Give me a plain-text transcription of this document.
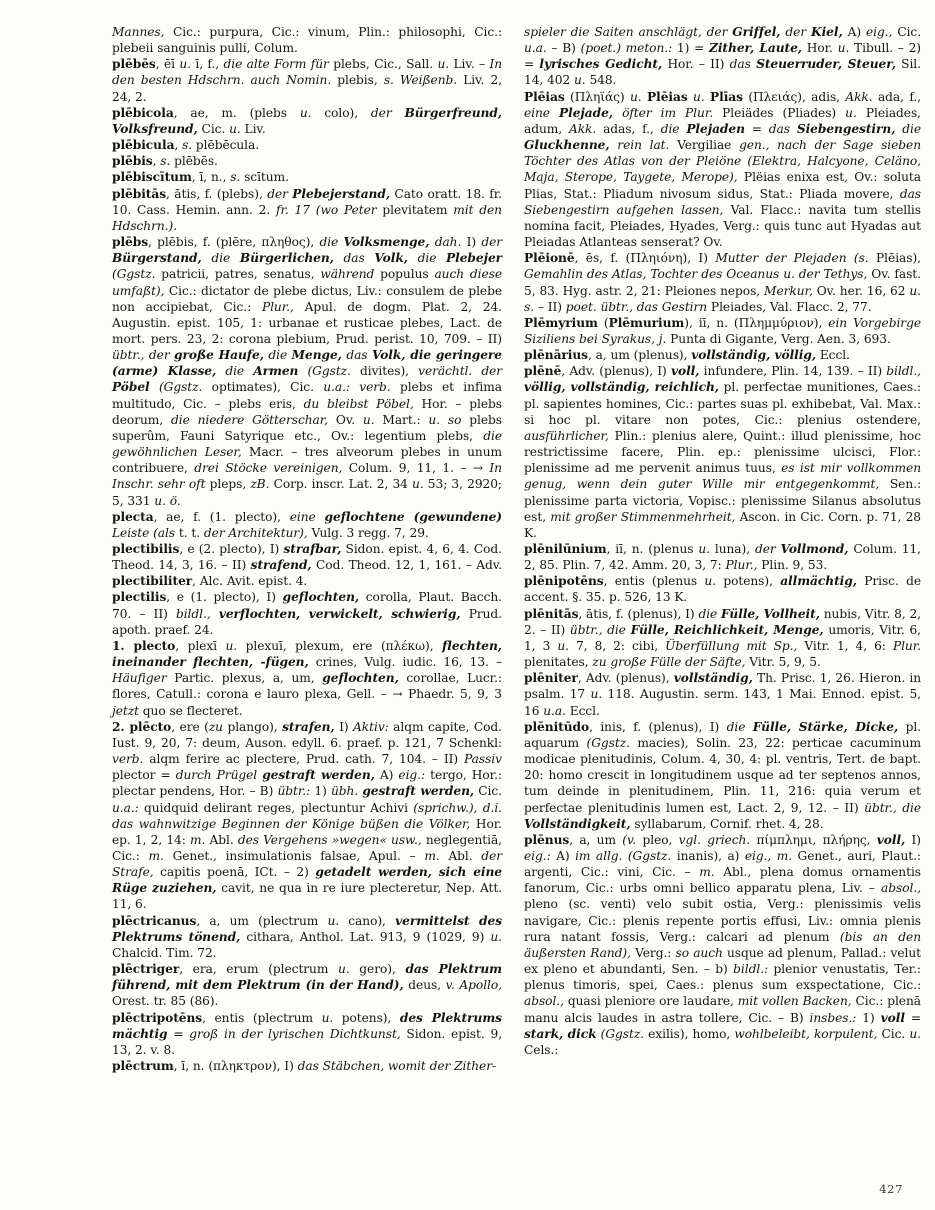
Mannes, Cic.: purpura, Cic.: vinum, Plin.: philosophi, Cic.: plebeii sanguinis pulli, Colum.

plēbēs, ēī u. ī, f., die alte Form für plebs, Cic., Sall. u. Liv. – In den besten Hdschrn. auch Nomin. plebis, s. Weißenb. Liv. 2, 24, 2.

plēbicola, ae, m. (plebs u. colo), der Bürgerfreund, Volksfreund, Cic. u. Liv.

plēbicula, s. plēbēcula.

plēbis, s. plēbēs.

plēbiscītum, ī, n., s. scītum.

plēbitās, ātis, f. (plebs), der Plebejerstand, Cato oratt. 18. fr. 10. Cass. Hemin. ann. 2. fr. 17 (wo Peter plevitatem mit den Hdschrn.).

plēbs, plēbis, f. (plēre, πληθος), die Volksmenge, dah. I) der Bürgerstand, die Bürgerlichen, das Volk, die Plebejer (Ggstz. patricii, patres, senatus, während populus auch diese umfaßt), Cic.: dictator de plebe dictus, Liv.: consulem de plebe non accipiebat, Cic.: Plur., Apul. de dogm. Plat. 2, 24. Augustin. epist. 105, 1: urbanae et rusticae plebes, Lact. de mort. pers. 23, 2: corona plebium, Prud. perist. 10, 709. – II) übtr., der große Haufe, die Menge, das Volk, die geringere (arme) Klasse, die Armen (Ggstz. divites), verächtl. der Pöbel (Ggstz. optimates), Cic. u.a.: verb. plebs et infima multitudo, Cic. – plebs eris, du bleibst Pöbel, Hor. – plebs deorum, die niedere Götterschar, Ov. u. Mart.: u. so plebs superûm, Fauni Satyrique etc., Ov.: legentium plebs, die gewöhnlichen Leser, Macr. – tres alveorum plebes in unum contribuere, drei Stöcke vereinigen, Colum. 9, 11, 1. – → In Inschr. sehr oft pleps, zB. Corp. inscr. Lat. 2, 34 u. 53; 3, 2920; 5, 331 u. ö.

plecta, ae, f. (1. plecto), eine geflochtene (gewundene) Leiste (als t. t. der Architektur), Vulg. 3 regg. 7, 29.

plectibilis, e (2. plecto), I) strafbar, Sidon. epist. 4, 6, 4. Cod. Theod. 14, 3, 16. – II) strafend, Cod. Theod. 12, 1, 161. – Adv. plectibiliter, Alc. Avit. epist. 4.

plectilis, e (1. plecto), I) geflochten, corolla, Plaut. Bacch. 70. – II) bildl., verflochten, verwickelt, schwierig, Prud. apoth. praef. 24.

1. plecto, plexī u. plexuī, plexum, ere (πλέκω), flechten, ineinander flechten, -fügen, crines, Vulg. iudic. 16, 13. – Häufiger Partic. plexus, a, um, geflochten, corollae, Lucr.: flores, Catull.: corona e lauro plexa, Gell. – → Phaedr. 5, 9, 3 jetzt quo se flecteret.

2. plēcto, ere (zu plango), strafen, I) Aktiv: alqm capite, Cod. Iust. 9, 20, 7: deum, Auson. edyll. 6. praef. p. 121, 7 Schenkl: verb. alqm ferire ac plectere, Prud. cath. 7, 104. – II) Passiv plector = durch Prügel gestraft werden, A) eig.: tergo, Hor.: plectar pendens, Hor. – B) übtr.: 1) übh. gestraft werden, Cic. u.a.: quidquid delirant reges, plectuntur Achivi (sprichw.), d.i. das wahnwitzige Beginnen der Könige büßen die Völker, Hor. ep. 1, 2, 14: m. Abl. des Vergehens »wegen« usw., neglegentiā, Cic.: m. Genet., insimulationis falsae, Apul. – m. Abl. der Strafe, capitis poenā, ICt. – 2) getadelt werden, sich eine Rüge zuziehen, cavit, ne qua in re iure plecteretur, Nep. Att. 11, 6.

plēctricanus, a, um (plectrum u. cano), vermittelst des Plektrums tönend, cithara, Anthol. Lat. 913, 9 (1029, 9) u. Chalcid. Tim. 72.

plēctriger, era, erum (plectrum u. gero), das Plektrum führend, mit dem Plektrum (in der Hand), deus, v. Apollo, Orest. tr. 85 (86).

plēctripotēns, entis (plectrum u. potens), des Plektrums mächtig = groß in der lyrischen Dichtkunst, Sidon. epist. 9, 13, 2. v. 8.

plēctrum, ī, n. (πληκτρον), I) das Stäbchen, womit der Zither-

spieler die Saiten anschlägt, der Griffel, der Kiel, A) eig., Cic. u.a. – B) (poet.) meton.: 1) = Zither, Laute, Hor. u. Tibull. – 2) = lyrisches Gedicht, Hor. – II) das Steuerruder, Steuer, Sil. 14, 402 u. 548.

Plēias (Πληϊάς) u. Plēias u. Plīas (Πλειάς), adis, Akk. ada, f., eine Plejade, öfter im Plur. Pleiädes (Pliades) u. Pleiades, adum, Akk. adas, f., die Plejaden = das Siebengestirn, die Gluckhenne, rein lat. Vergiliae gen., nach der Sage sieben Töchter des Atlas von der Pleiöne (Elektra, Halcyone, Celäno, Maja, Sterope, Taygete, Merope), Plëias enixa est, Ov.: soluta Plias, Stat.: Pliadum nivosum sidus, Stat.: Pliada movere, das Siebengestirn aufgehen lassen, Val. Flacc.: navita tum stellis nomina facit, Pleiades, Hyades, Verg.: quis tunc aut Hyadas aut Pleiadas Atlanteas senserat? Ov.

Plēionē, ēs, f. (Πληιόνη), I) Mutter der Plejaden (s. Plēias), Gemahlin des Atlas, Tochter des Oceanus u. der Tethys, Ov. fast. 5, 83. Hyg. astr. 2, 21: Pleiones nepos, Merkur, Ov. her. 16, 62 u. s. – II) poet. übtr., das Gestirn Pleiades, Val. Flacc. 2, 77.

Plēmyrium (Plēmurium), iī, n. (Πλημμύριον), ein Vorgebirge Siziliens bei Syrakus, j. Punta di Gigante, Verg. Aen. 3, 693.

plēnārius, a, um (plenus), vollständig, völlig, Eccl.

plēnē, Adv. (plenus), I) voll, infundere, Plin. 14, 139. – II) bildl., völlig, vollständig, reichlich, pl. perfectae munitiones, Caes.: pl. sapientes homines, Cic.: partes suas pl. exhibebat, Val. Max.: si hoc pl. vitare non potes, Cic.: plenius ostendere, ausführlicher, Plin.: plenius alere, Quint.: illud plenissime, hoc restrictissime facere, Plin. ep.: plenissime ulcisci, Flor.: plenissime ad me pervenit animus tuus, es ist mir vollkommen genug, wenn dein guter Wille mir entgegenkommt, Sen.: plenissime parta victoria, Vopisc.: plenissime Silanus absolutus est, mit großer Stimmenmehrheit, Ascon. in Cic. Corn. p. 71, 28 K.

plēnilūnium, iī, n. (plenus u. luna), der Vollmond, Colum. 11, 2, 85. Plin. 7, 42. Amm. 20, 3, 7: Plur., Plin. 9, 53.

plēnipotēns, entis (plenus u. potens), allmächtig, Prisc. de accent. §. 35. p. 526, 13 K.

plēnitās, ātis, f. (plenus), I) die Fülle, Vollheit, nubis, Vitr. 8, 2, 2. – II) übtr., die Fülle, Reichlichkeit, Menge, umoris, Vitr. 6, 1, 3 u. 7, 8, 2: cibi, Überfüllung mit Sp., Vitr. 1, 4, 6: Plur. plenitates, zu große Fülle der Säfte, Vitr. 5, 9, 5.

plēniter, Adv. (plenus), vollständig, Th. Prisc. 1, 26. Hieron. in psalm. 17 u. 118. Augustin. serm. 143, 1 Mai. Ennod. epist. 5, 16 u.a. Eccl.

plēnitūdo, inis, f. (plenus), I) die Fülle, Stärke, Dicke, pl. aquarum (Ggstz. macies), Solin. 23, 22: perticae cacuminum modicae plenitudinis, Colum. 4, 30, 4: pl. ventris, Tert. de bapt. 20: homo crescit in longitudinem usque ad ter septenos annos, tum deinde in plenitudinem, Plin. 11, 216: quia verum et perfectae plenitudinis lumen est, Lact. 2, 9, 12. – II) übtr., die Vollständigkeit, syllabarum, Cornif. rhet. 4, 28.

plēnus, a, um (v. pleo, vgl. griech. πίμπλημι, πλήρης, voll, I) eig.: A) im allg. (Ggstz. inanis), a) eig., m. Genet., auri, Plaut.: argenti, Cic.: vini, Cic. – m. Abl., plena domus ornamentis fanorum, Cic.: urbs omni bellico apparatu plena, Liv. – absol., pleno (sc. venti) velo subit ostia, Verg.: plenissimis velis navigare, Cic.: plenis repente portis effusi, Liv.: omnia plenis rura natant fossis, Verg.: calcari ad plenum (bis an den äußersten Rand), Verg.: so auch usque ad plenum, Pallad.: velut ex pleno et abundanti, Sen. – b) bildl.: plenior venustatis, Ter.: plenus timoris, spei, Caes.: plenus sum exspectatione, Cic.: absol., quasi pleniore ore laudare, mit vollen Backen, Cic.: plenā manu alcis laudes in astra tollere, Cic. – B) insbes.: 1) voll = stark, dick (Ggstz. exilis), homo, wohlbeleibt, korpulent, Cic. u. Cels.:

427
